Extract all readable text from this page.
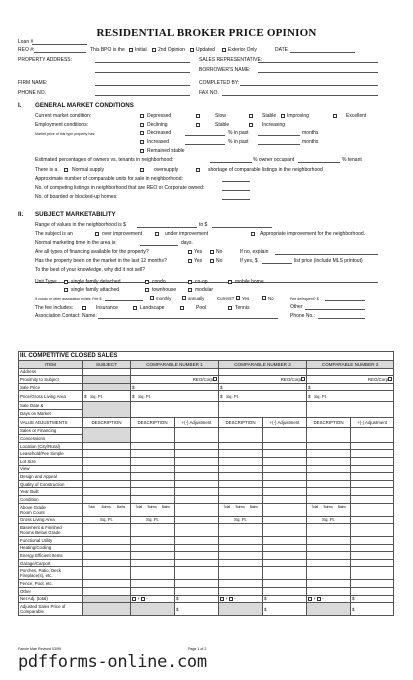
RESIDENTIAL BROKER PRICE OPINION
Loan #
REO #:	This BPO is the Initial 2nd Opinion Updated	Exterior Only	DATE
PROPERTY ADDRESS:	SALES REPRESENTATIVE:
BORROWER'S NAME:
FIRM NAME:	COMPLETED BY:
PHONE NO.	FAX NO.
I. GENERAL MARKET CONDITIONS
Current market condition:	Depressed	Slow	Stable Improving	Excellent
Employment conditions:	Declining	Stable	Increasing
Market price of this type property has:	Decreased	% in past	months
Increased	% in past	months
Remained stable
Estimated percentages of owners vs. tenants in neighborhood:	% owner occupant	% tenant
There is a	Normal supply	oversupply	shortage of comparable listings in the neighborhood
Approximate number of comparable units for sale in neighborhood:
No. of competing listings in neighborhood that are REO or Corporate owned:
No. of boarded or blocked-up homes:
II. SUBJECT MARKETABILITY
Range of values in the neighborhood is $	to $
The subject is an	over improvement	under improvement	Appropriate improvement for the neighborhood.
Normal marketing time in the area is:	days.
Are all types of financing available for the property?	Yes	No	If no, explain
Has the property been on the market in the last 12 months?	Yes	No	If yes, $	list price (include MLS printout)
To the best of your knowledge, why did it not sell?
Unit Type:	single family detached	condo	co-op	mobile home
single family attached	townhouse	modular
If condo or other association exists: Fee $	monthly	annually	Current? Yes	No	Fee delinquent? $
The fee includes:	Insurance	Landscape	Pool	Tennis	Other
Association Contact: Name:	Phone No.:
III. COMPETITIVE CLOSED SALES							
ITEM	SUBJECT	COMPARABLE NUMBER 1		COMPARABLE NUMBER 2		COMPARABLE NUMBER 3	
Address							
Proximity to Subject		REO/Corp		REO/Corp		REO/Corp	
Sale Price		$		$		$	
Price/Gross Living Area	$ Sq. Ft.	$ Sq. Ft.		$ Sq. Ft.		$ Sq. Ft.	
Sale Date &							
Days on Market							
VALUE ADJUSTMENTS	DESCRIPTION	DESCRIPTION	+(-) Adjustment	DESCRIPTION	+(-) Adjustment	DESCRIPTION	+(-) Adjustment
Sales or Financing							
Concessions							
Location (City/Rural)							
Leasehold/Fee Simple							
Lot Size							
View							
Design and Appeal							
Quality of Construction							
Year Built							
Condition							
Above Grade
Room Count	Total Bdrms Baths	Total Bdrms Baths		Total Bdrms Baths		Total Bdrms Baths	
Gross Living Area	Sq. Ft.	Sq. Ft.		Sq. Ft.		Sq. Ft.	
Basement & Finished
Rooms Below Grade							
Functional Utility							
Heating/Cooling							
Energy Efficient Items							
Garage/Carport							
Porches, Patio, Deck
Fireplace(s), etc.							
Fence, Pool, etc.							
Other							
Net Adj. (total)		+ -	$	+ -	$	+ -	$
Adjusted Sales Price of
Comparable			$		$		$
Fannie Mae Revised 03/99	Page 1 of 2
pdfforms-online.com
